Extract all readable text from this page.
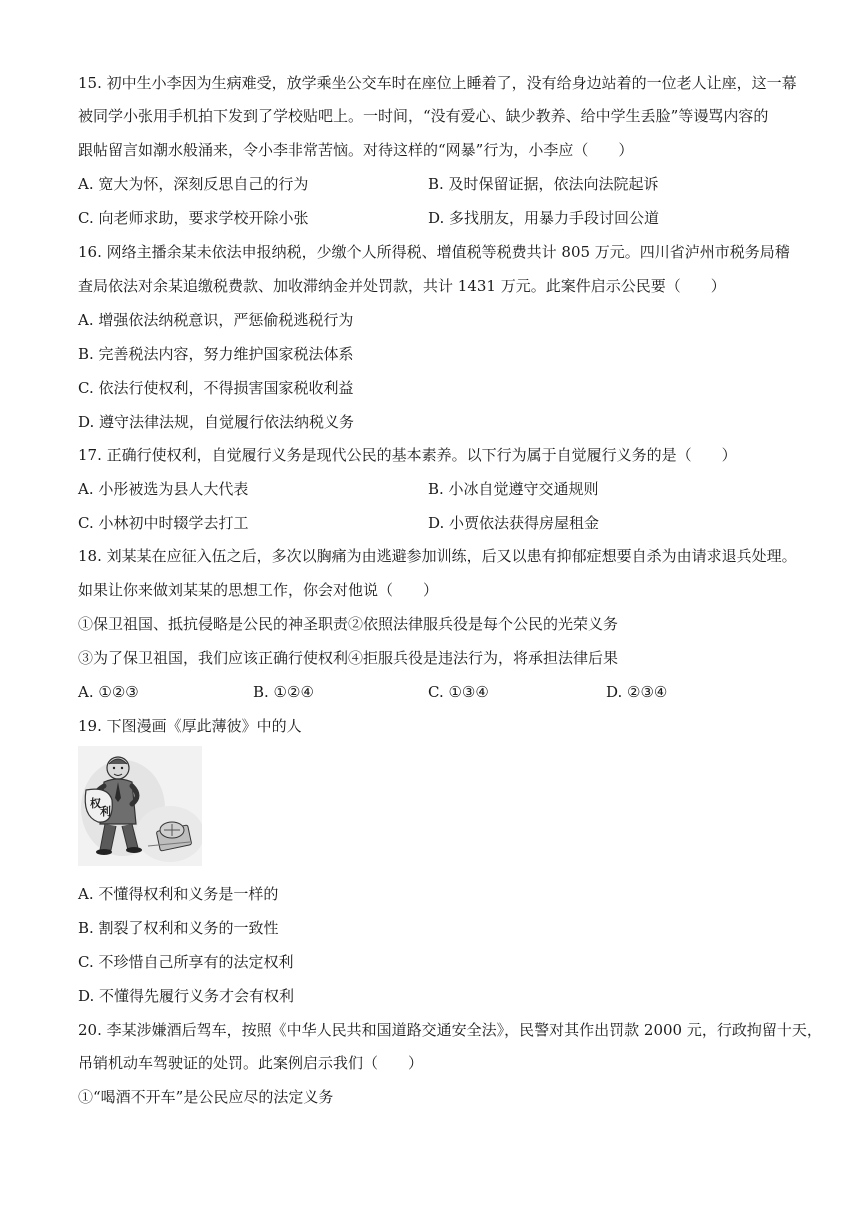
15. 初中生小李因为生病难受，放学乘坐公交车时在座位上睡着了，没有给身边站着的一位老人让座，这一幕
被同学小张用手机拍下发到了学校贴吧上。一时间，“没有爱心、缺少教养、给中学生丢脸”等谩骂内容的
跟帖留言如潮水般涌来，令小李非常苦恼。对待这样的“网暴”行为，小李应（　　）
A. 宽大为怀，深刻反思自己的行为	B. 及时保留证据，依法向法院起诉
C. 向老师求助，要求学校开除小张	D. 多找朋友，用暴力手段讨回公道
16. 网络主播余某未依法申报纳税，少缴个人所得税、增值税等税费共计 805 万元。四川省泸州市税务局稽
查局依法对余某追缴税费款、加收滞纳金并处罚款，共计 1431 万元。此案件启示公民要（　　）
A. 增强依法纳税意识，严惩偷税逃税行为
B. 完善税法内容，努力维护国家税法体系
C. 依法行使权利，不得损害国家税收利益
D. 遵守法律法规，自觉履行依法纳税义务
17. 正确行使权利，自觉履行义务是现代公民的基本素养。以下行为属于自觉履行义务的是（　　）
A. 小彤被选为县人大代表	B. 小冰自觉遵守交通规则
C. 小林初中时辍学去打工	D. 小贾依法获得房屋租金
18. 刘某某在应征入伍之后，多次以胸痛为由逃避参加训练，后又以患有抑郁症想要自杀为由请求退兵处理。
如果让你来做刘某某的思想工作，你会对他说（　　）
①保卫祖国、抵抗侵略是公民的神圣职责②依照法律服兵役是每个公民的光荣义务
③为了保卫祖国，我们应该正确行使权利④拒服兵役是违法行为，将承担法律后果
A. ①②③	B. ①②④	C. ①③④	D. ②③④
19. 下图漫画《厚此薄彼》中的人
权
利
A. 不懂得权利和义务是一样的
B. 割裂了权利和义务的一致性
C. 不珍惜自己所享有的法定权利
D. 不懂得先履行义务才会有权利
20. 李某涉嫌酒后驾车，按照《中华人民共和国道路交通安全法》，民警对其作出罚款 2000 元，行政拘留十天，
吊销机动车驾驶证的处罚。此案例启示我们（　　）
①“喝酒不开车”是公民应尽的法定义务
